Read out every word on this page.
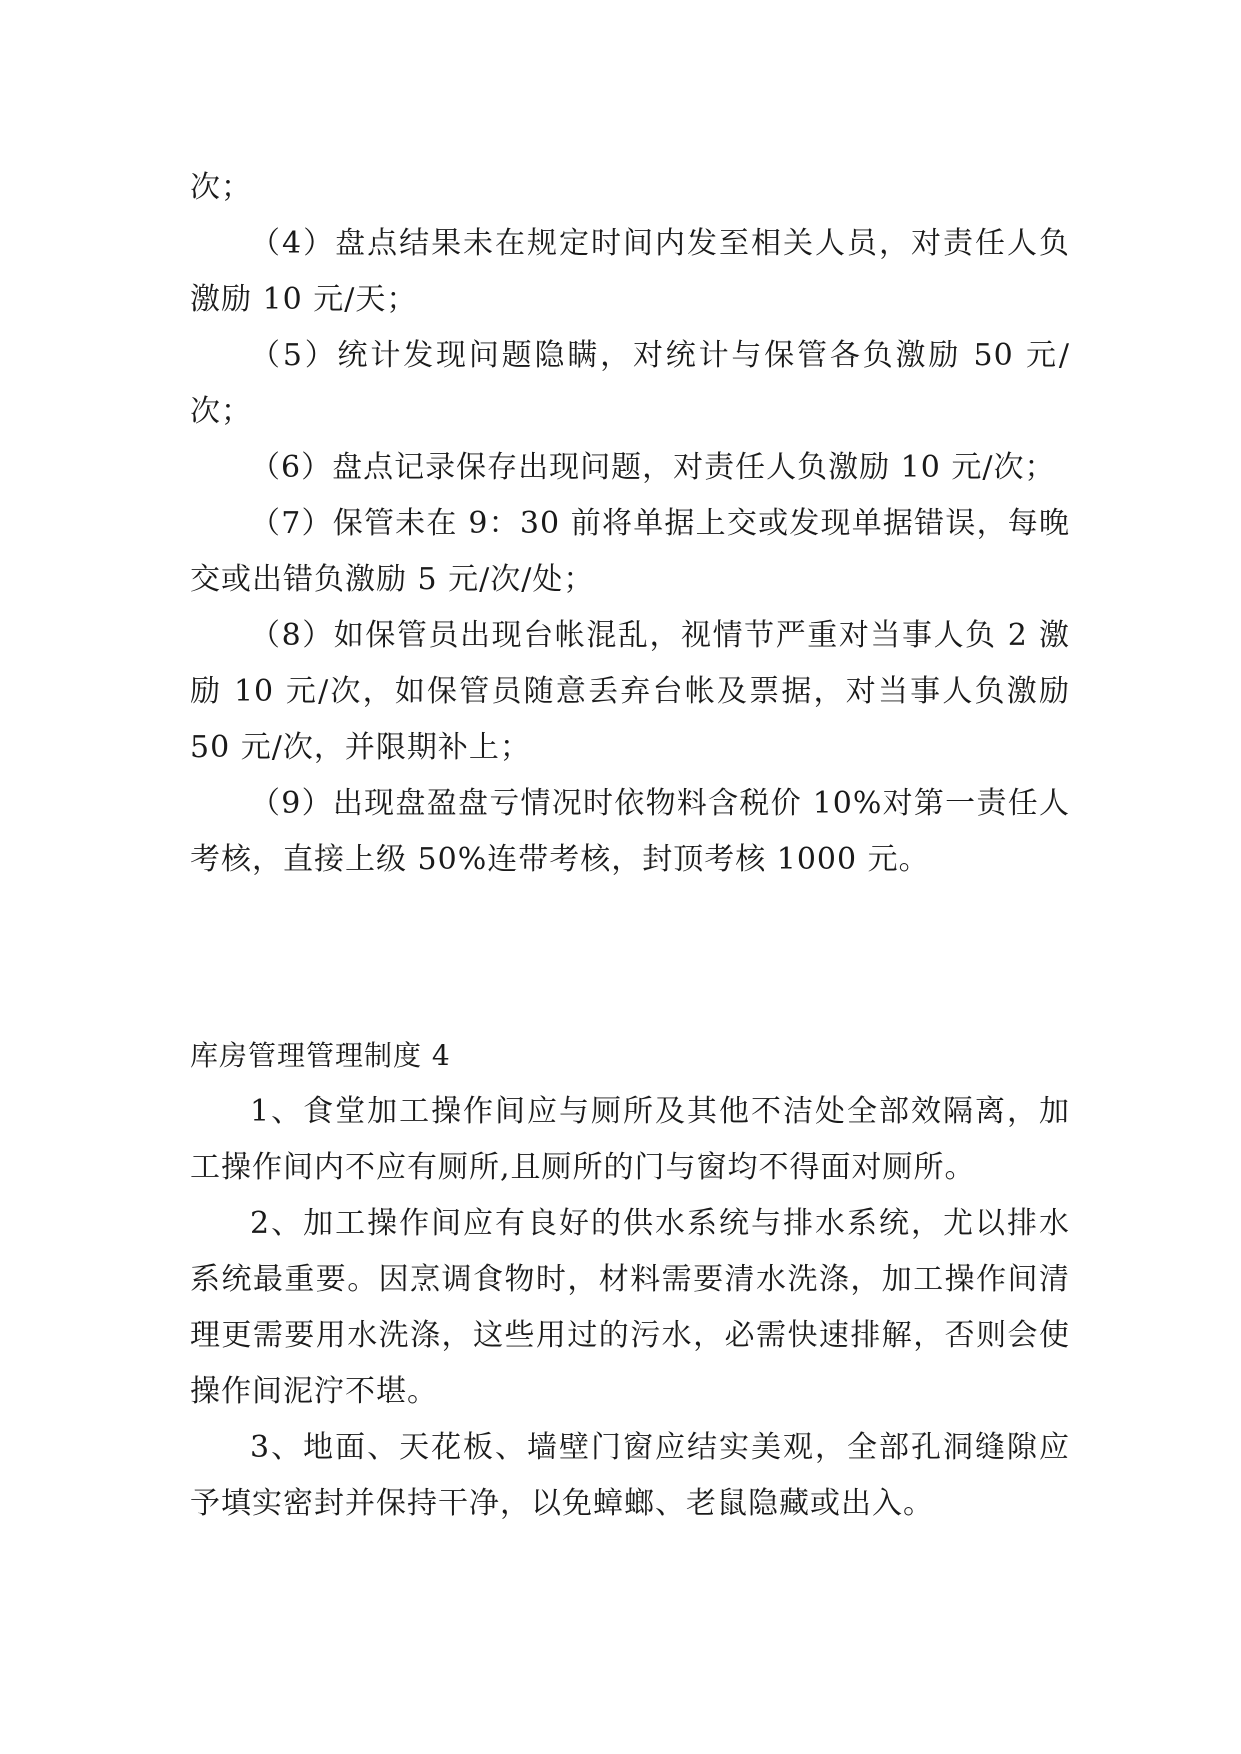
次；

（4）盘点结果未在规定时间内发至相关人员，对责任人负激励 10 元/天；

（5）统计发现问题隐瞒，对统计与保管各负激励 50 元/次；

（6）盘点记录保存出现问题，对责任人负激励 10 元/次；

（7）保管未在 9：30 前将单据上交或发现单据错误，每晚交或出错负激励 5 元/次/处；

（8）如保管员出现台帐混乱，视情节严重对当事人负 2 激励 10 元/次，如保管员随意丢弃台帐及票据，对当事人负激励 50 元/次，并限期补上；

（9）出现盘盈盘亏情况时依物料含税价 10%对第一责任人考核，直接上级 50%连带考核，封顶考核 1000 元。

库房管理管理制度 4

1、食堂加工操作间应与厕所及其他不洁处全部效隔离，加工操作间内不应有厕所,且厕所的门与窗均不得面对厕所。

2、加工操作间应有良好的供水系统与排水系统，尤以排水系统最重要。因烹调食物时，材料需要清水洗涤，加工操作间清理更需要用水洗涤，这些用过的污水，必需快速排解，否则会使操作间泥泞不堪。

3、地面、天花板、墙壁门窗应结实美观，全部孔洞缝隙应予填实密封并保持干净，以免蟑螂、老鼠隐藏或出入。
